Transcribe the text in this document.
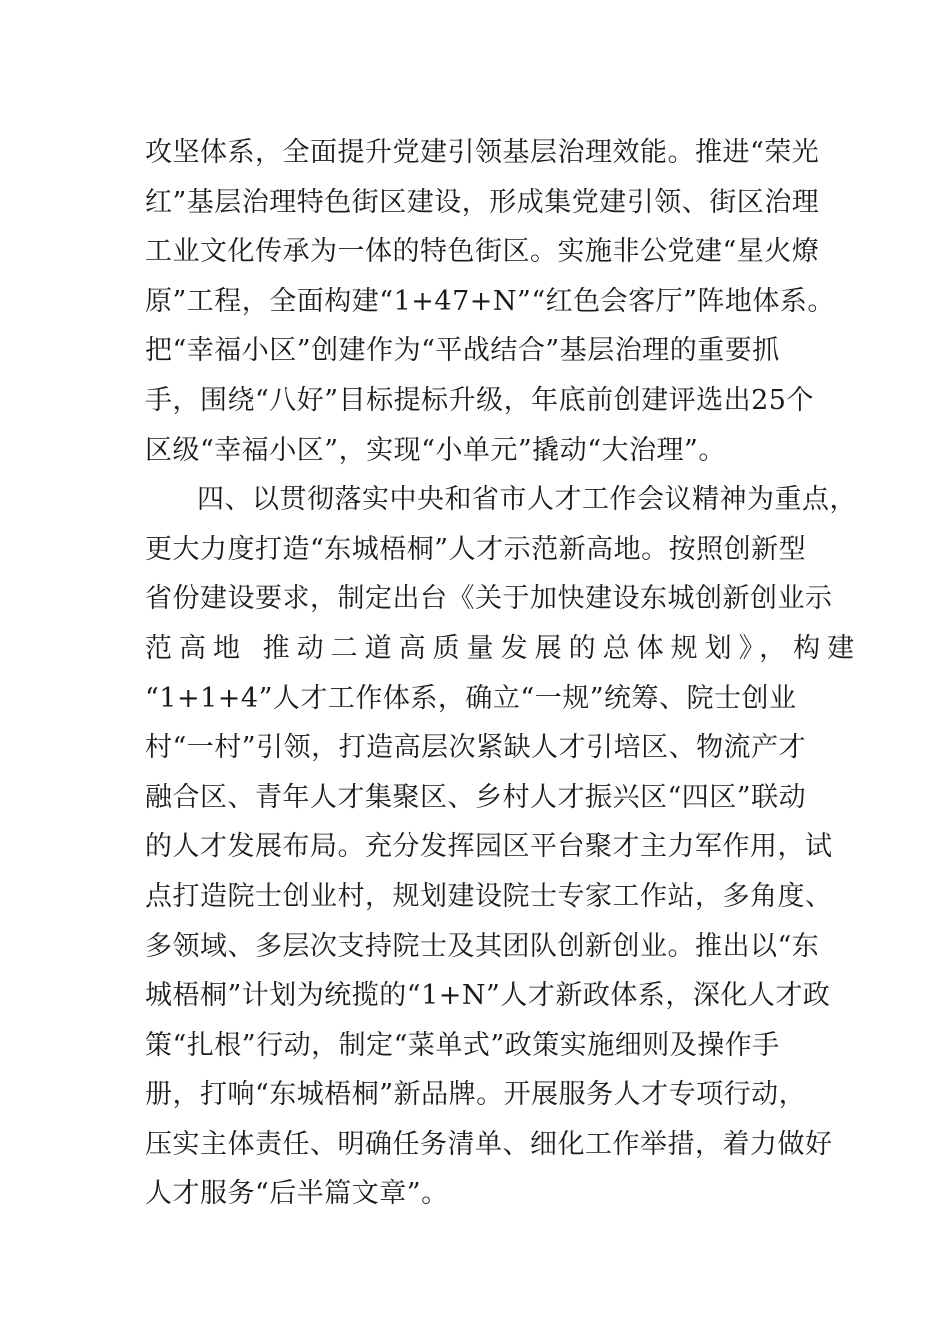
攻坚体系，全面提升党建引领基层治理效能。推进“荣光
红”基层治理特色街区建设，形成集党建引领、街区治理
工业文化传承为一体的特色街区。实施非公党建“星火燎
原”工程，全面构建“1+47+N”“红色会客厅”阵地体系。
把“幸福小区”创建作为“平战结合”基层治理的重要抓
手，围绕“八好”目标提标升级，年底前创建评选出25个
区级“幸福小区”，实现“小单元”撬动“大治理”。
四、以贯彻落实中央和省市人才工作会议精神为重点，
更大力度打造“东城梧桐”人才示范新高地。按照创新型
省份建设要求，制定出台《关于加快建设东城创新创业示
范高地 推动二道高质量发展的总体规划》，构建
“1+1+4”人才工作体系，确立“一规”统筹、院士创业
村“一村”引领，打造高层次紧缺人才引培区、物流产才
融合区、青年人才集聚区、乡村人才振兴区“四区”联动
的人才发展布局。充分发挥园区平台聚才主力军作用，试
点打造院士创业村，规划建设院士专家工作站，多角度、
多领域、多层次支持院士及其团队创新创业。推出以“东
城梧桐”计划为统揽的“1+N”人才新政体系，深化人才政
策“扎根”行动，制定“菜单式”政策实施细则及操作手
册，打响“东城梧桐”新品牌。开展服务人才专项行动，
压实主体责任、明确任务清单、细化工作举措，着力做好
人才服务“后半篇文章”。
